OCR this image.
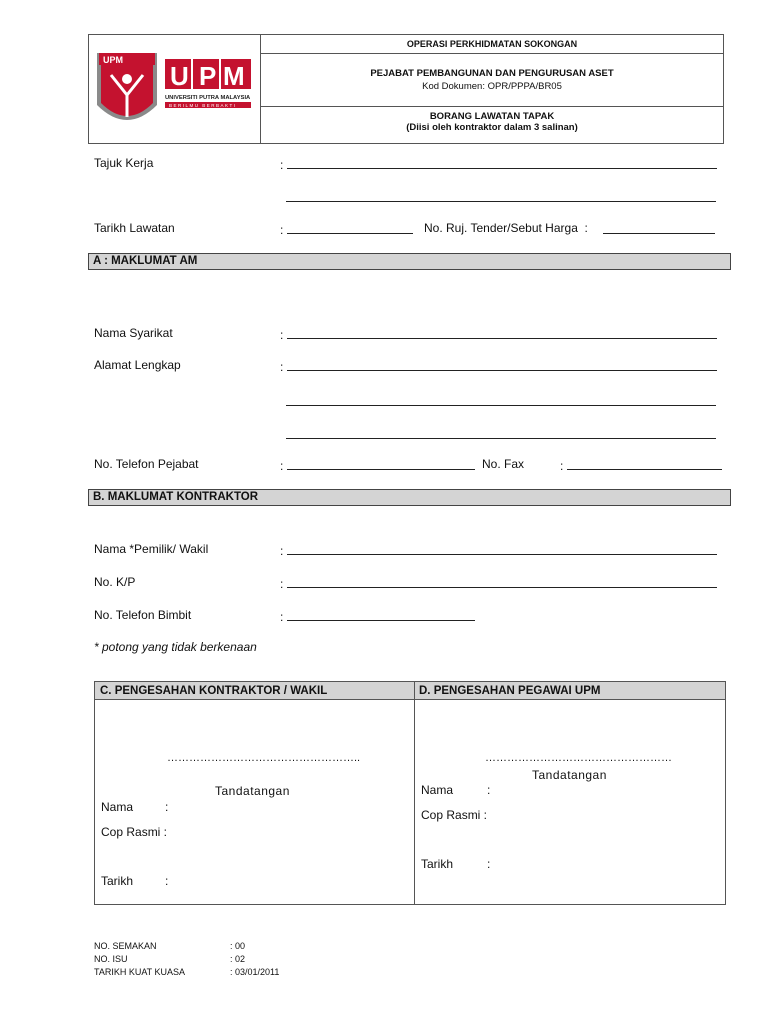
UPM
U P M
UNIVERSITI PUTRA MALAYSIA
BERILMU BERBAKTI
OPERASI PERKHIDMATAN SOKONGAN
PEJABAT PEMBANGUNAN DAN PENGURUSAN ASET
Kod Dokumen: OPR/PPPA/BR05
BORANG LAWATAN TAPAK
(Diisi oleh kontraktor dalam 3 salinan)
Tajuk Kerja	:
Tarikh Lawatan	:	No. Ruj. Tender/Sebut Harga :
A : MAKLUMAT AM
Nama Syarikat	:
Alamat Lengkap	:
No. Telefon Pejabat	:	No. Fax	:
B. MAKLUMAT KONTRAKTOR
Nama *Pemilik/ Wakil	:
No. K/P	:
No. Telefon Bimbit	:
* potong yang tidak berkenaan
C. PENGESAHAN KONTRAKTOR / WAKIL	D. PENGESAHAN PEGAWAI UPM
……………………………………………..
Tandatangan
Nama	:
Cop Rasmi :
Tarikh	:
……………………………………………
Tandatangan
Nama	:
Cop Rasmi :
Tarikh	:
NO. SEMAKAN	: 00
NO. ISU	: 02
TARIKH KUAT KUASA	: 03/01/2011
